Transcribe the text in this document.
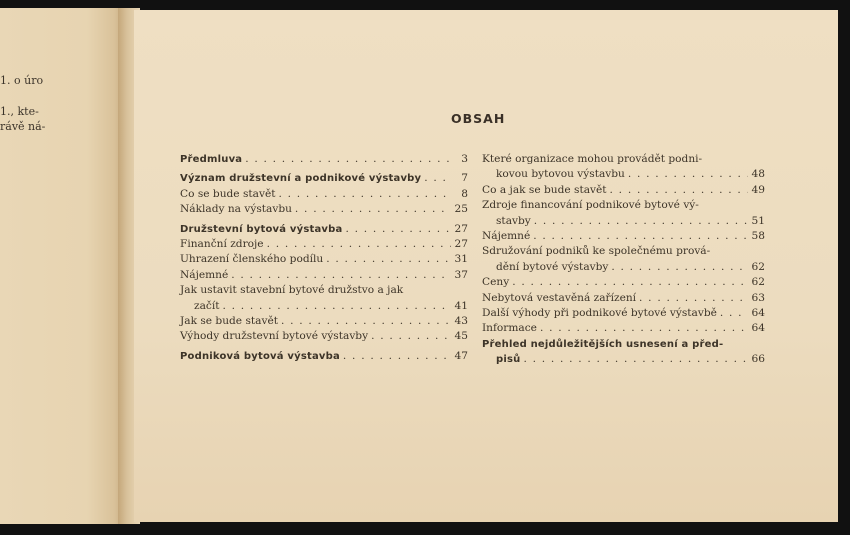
1. o úro
1., kte-
rávě ná-
OBSAH
Předmluva . . .	3
Význam družstevní a podnikové výstavby . . .	7
Co se bude stavět . . .	8
Náklady na výstavbu . . .	25
Družstevní bytová výstavba . . .	27
Finanční zdroje . . .	27
Uhrazení členského podílu . . .	31
Nájemné . . .	37
Jak ustavit stavební bytové družstvo a jak
začít . . .	41
Jak se bude stavět . . .	43
Výhody družstevní bytové výstavby . . .	45
Podniková bytová výstavba . . .	47
Které organizace mohou provádět podni-
kovou bytovou výstavbu . . .	48
Co a jak se bude stavět . . .	49
Zdroje financování podnikové bytové vý-
stavby . . .	51
Nájemné . . .	58
Sdružování podniků ke společnému prová-
dění bytové výstavby . . .	62
Ceny . . .	62
Nebytová vestavěná zařízení . . .	63
Další výhody při podnikové bytové výstavbě . . .	64
Informace . . .	64
Přehled nejdůležitějších usnesení a před-
pisů . . .	66
